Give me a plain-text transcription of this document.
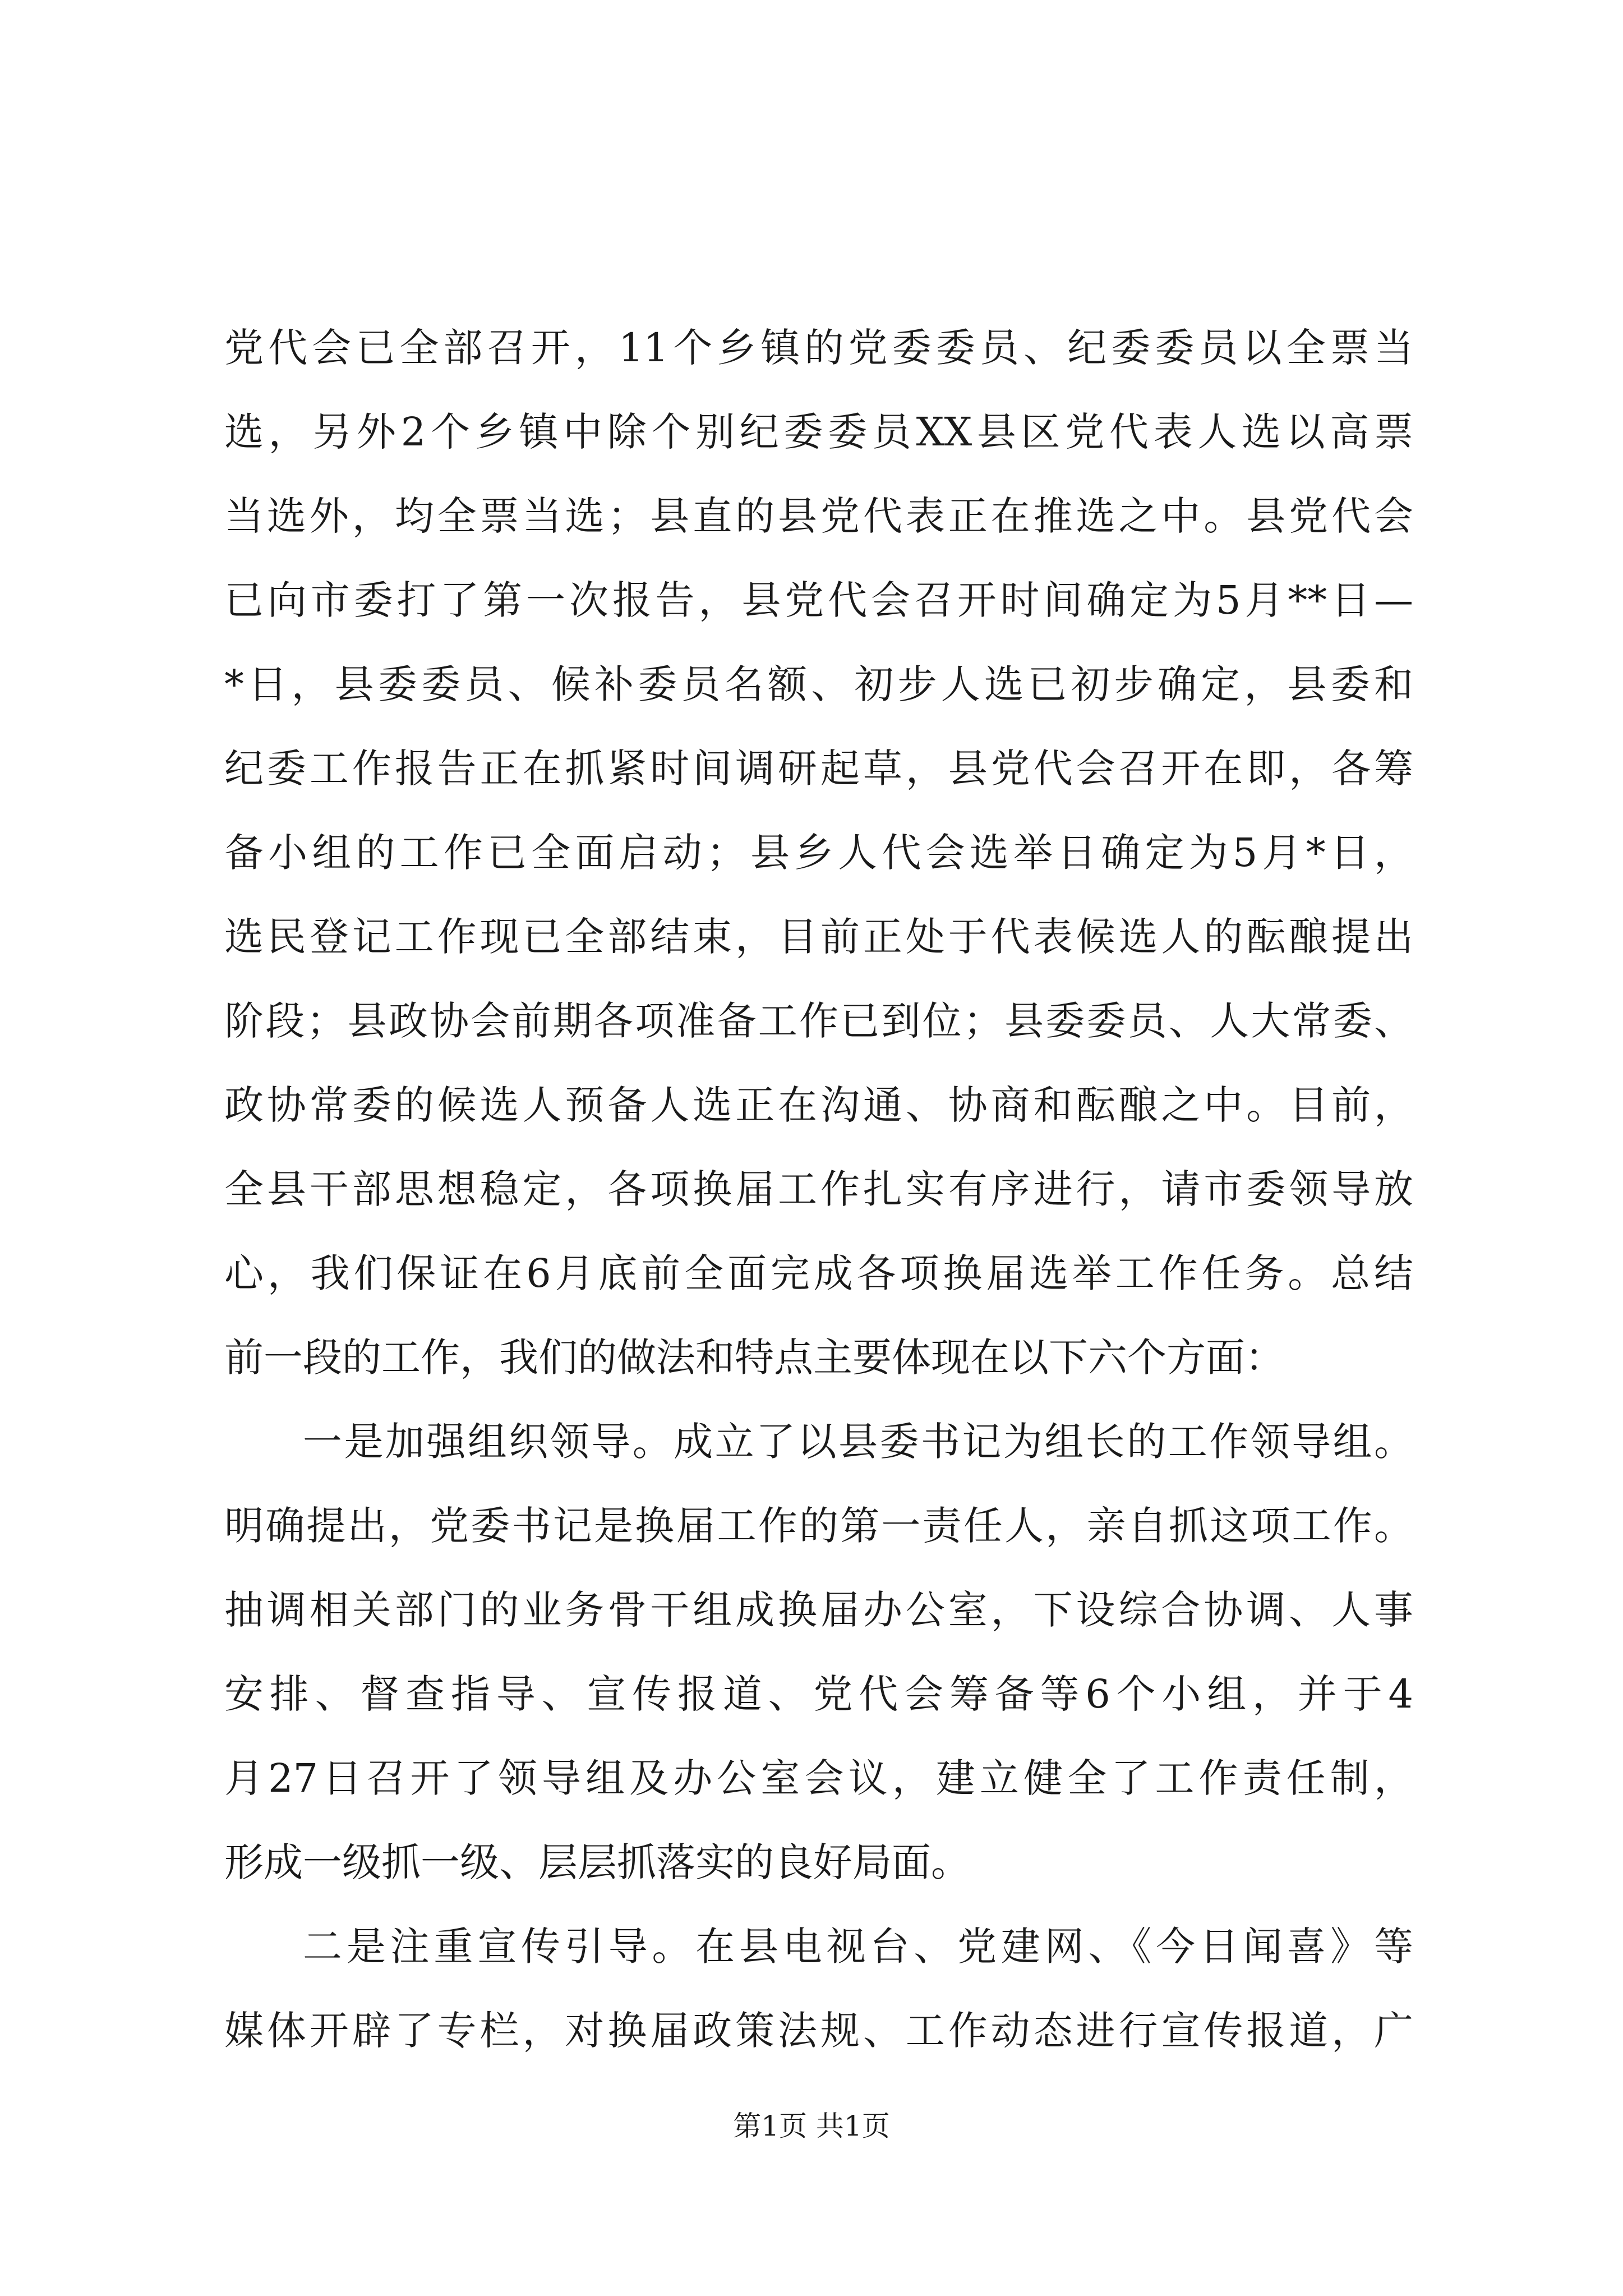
党代会已全部召开，11个乡镇的党委委员、纪委委员以全票当
选，另外2个乡镇中除个别纪委委员XX县区党代表人选以高票
当选外，均全票当选；县直的县党代表正在推选之中。县党代会
已向市委打了第一次报告，县党代会召开时间确定为5月**日—
*日，县委委员、候补委员名额、初步人选已初步确定，县委和
纪委工作报告正在抓紧时间调研起草，县党代会召开在即，各筹
备小组的工作已全面启动；县乡人代会选举日确定为5月*日，
选民登记工作现已全部结束，目前正处于代表候选人的酝酿提出
阶段；县政协会前期各项准备工作已到位；县委委员、人大常委、
政协常委的候选人预备人选正在沟通、协商和酝酿之中。目前，
全县干部思想稳定，各项换届工作扎实有序进行，请市委领导放
心，我们保证在6月底前全面完成各项换届选举工作任务。总结
前一段的工作，我们的做法和特点主要体现在以下六个方面：
一是加强组织领导。成立了以县委书记为组长的工作领导组。
明确提出，党委书记是换届工作的第一责任人，亲自抓这项工作。
抽调相关部门的业务骨干组成换届办公室，下设综合协调、人事
安排、督查指导、宣传报道、党代会筹备等6个小组，并于4
月27日召开了领导组及办公室会议，建立健全了工作责任制，
形成一级抓一级、层层抓落实的良好局面。
二是注重宣传引导。在县电视台、党建网、《今日闻喜》等
媒体开辟了专栏，对换届政策法规、工作动态进行宣传报道，广
第1页 共1页
